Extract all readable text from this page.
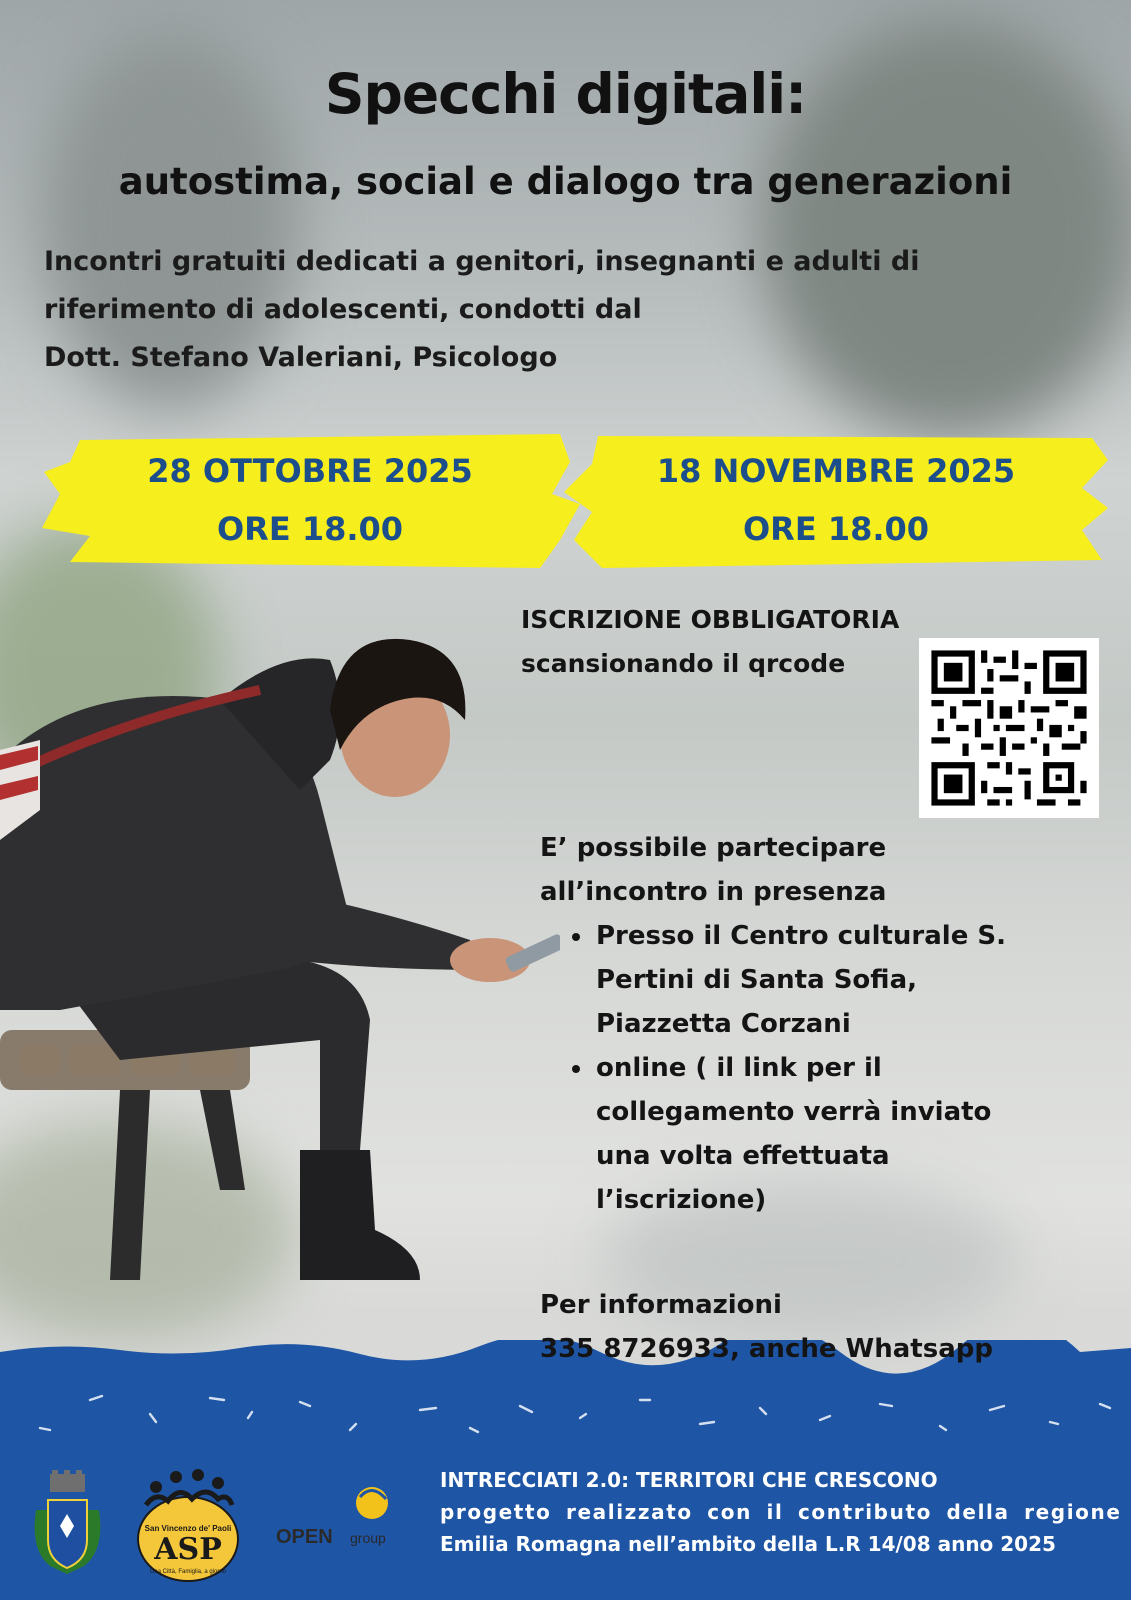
Specchi digitali:
autostima, social e dialogo tra generazioni
Incontri gratuiti dedicati a genitori, insegnanti e adulti di
riferimento di adolescenti, condotti dal
Dott. Stefano Valeriani, Psicologo
28 OTTOBRE 2025
ORE 18.00
18 NOVEMBRE 2025
ORE 18.00
ISCRIZIONE OBBLIGATORIA
scansionando il qrcode
E’ possibile partecipare
all’incontro in presenza
• Presso il Centro culturale S.
Pertini di Santa Sofia,
Piazzetta Corzani
• online ( il link per il
collegamento verrà inviato
una volta effettuata
l’iscrizione)
Per informazioni
335 8726933, anche Whatsapp
San Vincenzo de' Paoli
ASP
Una Città, Famiglia, a giorno
OPEN group
INTRECCIATI 2.0: TERRITORI CHE CRESCONO
progetto realizzato con il contributo della regione
Emilia Romagna nell’ambito della L.R 14/08 anno 2025
